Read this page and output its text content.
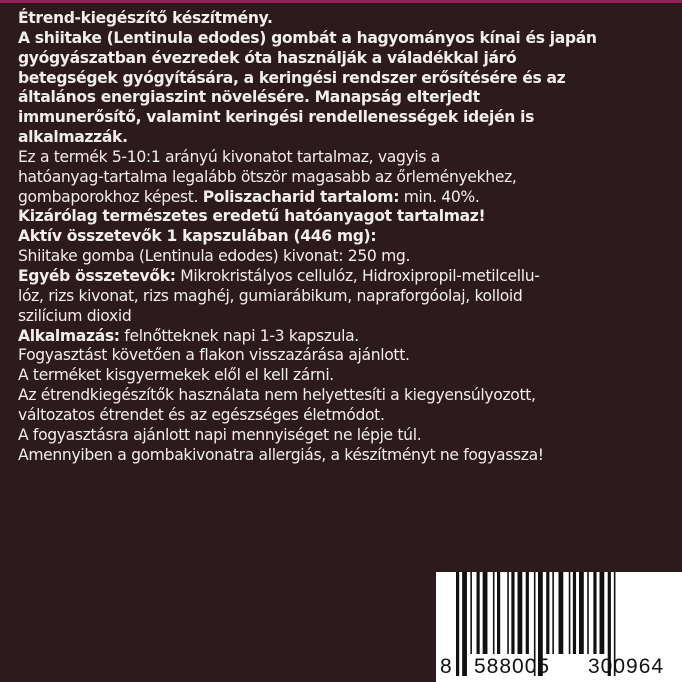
Étrend-kiegészítő készítmény.
A shiitake (Lentinula edodes) gombát a hagyományos kínai és japán
gyógyászatban évezredek óta használják a váladékkal járó
betegségek gyógyítására, a keringési rendszer erősítésére és az
általános energiaszint növelésére. Manapság elterjedt
immunerősítő, valamint keringési rendellenességek idején is
alkalmazzák.
Ez a termék 5-10:1 arányú kivonatot tartalmaz, vagyis a
hatóanyag-tartalma legalább ötször magasabb az őrleményekhez,
gombaporokhoz képest. Poliszacharid tartalom: min. 40%.
Kizárólag természetes eredetű hatóanyagot tartalmaz!
Aktív összetevők 1 kapszulában (446 mg):
Shiitake gomba (Lentinula edodes) kivonat: 250 mg.
Egyéb összetevők: Mikrokristályos cellulóz, Hidroxipropil-metilcellu-
lóz, rizs kivonat, rizs maghéj, gumiarábikum, napraforgóolaj, kolloid
szilícium dioxid
Alkalmazás: felnőtteknek napi 1-3 kapszula.
Fogyasztást követően a flakon visszazárása ajánlott.
A terméket kisgyermekek elől el kell zárni.
Az étrendkiegészítők használata nem helyettesíti a kiegyensúlyozott,
változatos étrendet és az egészséges életmódot.
A fogyasztásra ajánlott napi mennyiséget ne lépje túl.
Amennyiben a gombakivonatra allergiás, a készítményt ne fogyassza!
8 588005 300964
